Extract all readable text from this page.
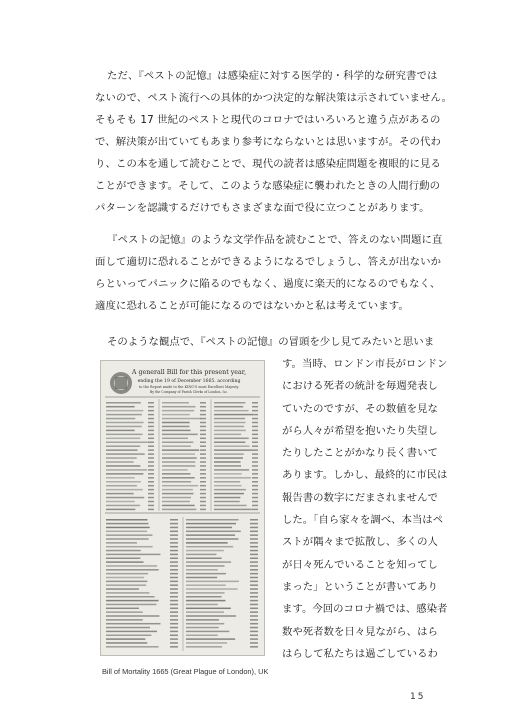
ただ、『ペストの記憶』は感染症に対する医学的・科学的な研究書では
ないので、ペスト流行への具体的かつ決定的な解決策は示されていません。
そもそも 17 世紀のペストと現代のコロナではいろいろと違う点があるの
で、解決策が出ていてもあまり参考にならないとは思いますが。その代わ
り、この本を通して読むことで、現代の読者は感染症問題を複眼的に見る
ことができます。そして、このような感染症に襲われたときの人間行動の
パターンを認識するだけでもさまざまな面で役に立つことがあります。
『ペストの記憶』のような文学作品を読むことで、答えのない問題に直
面して適切に恐れることができるようになるでしょうし、答えが出ないか
らといってパニックに陥るのでもなく、過度に楽天的になるのでもなく、
適度に恐れることが可能になるのではないかと私は考えています。
そのような観点で、『ペストの記憶』の冒頭を少し見てみたいと思いま
す。当時、ロンドン市長がロンドン
における死者の統計を毎週発表し
ていたのですが、その数値を見な
がら人々が希望を抱いたり失望し
たりしたことがかなり長く書いて
あります。しかし、最終的に市民は
報告書の数字にだまされませんで
した。「自ら家々を調べ、本当はペ
ストが隅々まで拡散し、多くの人
が日々死んでいることを知ってし
まった」ということが書いてあり
ます。今回のコロナ禍では、感染者
数や死者数を日々見ながら、はら
はらして私たちは過ごしているわ
A generall Bill for this present year,
ending the 19 of December 1665. according
to the Report made to the KING'S most Excellent Majesty.
By the Company of Parish Clerks of London, &c.
Bill of Mortality 1665 (Great Plague of London), UK
15
